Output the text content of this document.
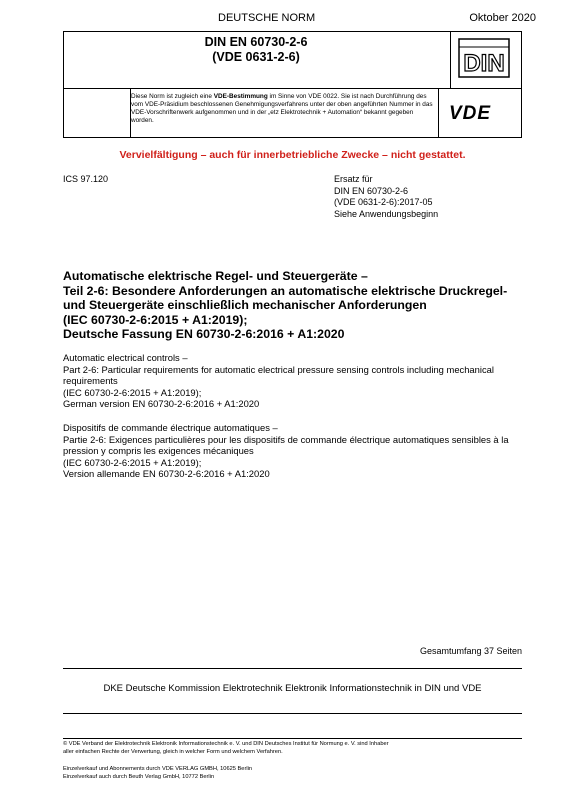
DEUTSCHE NORM	Oktober 2020
DIN EN 60730-2-6
(VDE 0631-2-6)	DIN
Diese Norm ist zugleich eine VDE-Bestimmung im Sinne von VDE 0022. Sie ist nach Durchführung des vom VDE-Präsidium beschlossenen Genehmigungsverfahrens unter der oben angeführten Nummer in das VDE-Vorschriftenwerk aufgenommen und in der „etz Elektrotechnik + Automation“ bekannt gegeben worden.	VDE
Vervielfältigung – auch für innerbetriebliche Zwecke – nicht gestattet.
ICS 97.120	Ersatz für
DIN EN 60730-2-6
(VDE 0631-2-6):2017-05
Siehe Anwendungsbeginn
Automatische elektrische Regel- und Steuergeräte –
Teil 2-6: Besondere Anforderungen an automatische elektrische Druckregel- und Steuergeräte einschließlich mechanischer Anforderungen
(IEC 60730-2-6:2015 + A1:2019);
Deutsche Fassung EN 60730-2-6:2016 + A1:2020
Automatic electrical controls –
Part 2-6: Particular requirements for automatic electrical pressure sensing controls including mechanical requirements
(IEC 60730-2-6:2015 + A1:2019);
German version EN 60730-2-6:2016 + A1:2020
Dispositifs de commande électrique automatiques –
Partie 2-6: Exigences particulières pour les dispositifs de commande électrique automatiques sensibles à la pression y compris les exigences mécaniques
(IEC 60730-2-6:2015 + A1:2019);
Version allemande EN 60730-2-6:2016 + A1:2020
Gesamtumfang 37 Seiten
DKE Deutsche Kommission Elektrotechnik Elektronik Informationstechnik in DIN und VDE
© VDE Verband der Elektrotechnik Elektronik Informationstechnik e. V. und DIN Deutsches Institut für Normung e. V. sind Inhaber
aller einfachen Rechte der Verwertung, gleich in welcher Form und welchem Verfahren.
Einzelverkauf und Abonnements durch VDE VERLAG GMBH, 10625 Berlin
Einzelverkauf auch durch Beuth Verlag GmbH, 10772 Berlin
